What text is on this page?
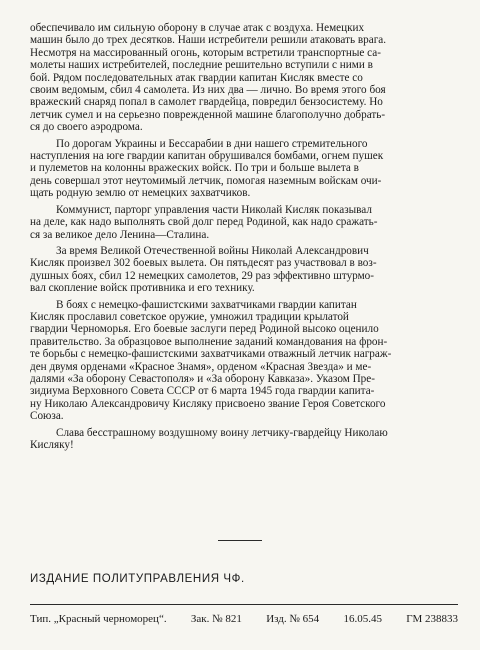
обеспечивало им сильную оборону в случае атак с воздуха. Немецких
машин было до трех десятков. Наши истребители решили атаковать врага.
Несмотря на массированный огонь, которым встретили транспортные са-
молеты наших истребителей, последние решительно вступили с ними в
бой. Рядом последовательных атак гвардии капитан Кисляк вместе со
своим ведомым, сбил 4 самолета. Из них два — лично. Во время этого боя
вражеский снаряд попал в самолет гвардейца, повредил бензосистему. Но
летчик сумел и на серьезно поврежденной машине благополучно добрать-
ся до своего аэродрома.

По дорогам Украины и Бессарабии в дни нашего стремительного
наступления на юге гвардии капитан обрушивался бомбами, огнем пушек
и пулеметов на колонны вражеских войск. По три и больше вылета в
день совершал этот неутомимый летчик, помогая наземным войскам очи-
щать родную землю от немецких захватчиков.

Коммунист, парторг управления части Николай Кисляк показывал
на деле, как надо выполнять свой долг перед Родиной, как надо сражать-
ся за великое дело Ленина—Сталина.

За время Великой Отечественной войны Николай Александрович
Кисляк произвел 302 боевых вылета. Он пятьдесят раз участвовал в воз-
душных боях, сбил 12 немецких самолетов, 29 раз эффективно штурмо-
вал скопление войск противника и его технику.

В боях с немецко-фашистскими захватчиками гвардии капитан
Кисляк прославил советское оружие, умножил традиции крылатой
гвардии Черноморья. Его боевые заслуги перед Родиной высоко оценило
правительство. За образцовое выполнение заданий командования на фрон-
те борьбы с немецко-фашистскими захватчиками отважный летчик награж-
ден двумя орденами «Красное Знамя», орденом «Красная Звезда» и ме-
далями «За оборону Севастополя» и «За оборону Кавказа». Указом Пре-
зидиума Верховного Совета СССР от 6 марта 1945 года гвардии капита-
ну Николаю Александровичу Кисляку присвоено звание Героя Советского
Союза.

Слава бесстрашному воздушному воину летчику-гвардейцу Николаю
Кисляку!

ИЗДАНИЕ ПОЛИТУПРАВЛЕНИЯ ЧФ.
Тип. „Красный черноморец“. Зак. № 821 Изд. № 654 16.05.45 ГМ 238833
